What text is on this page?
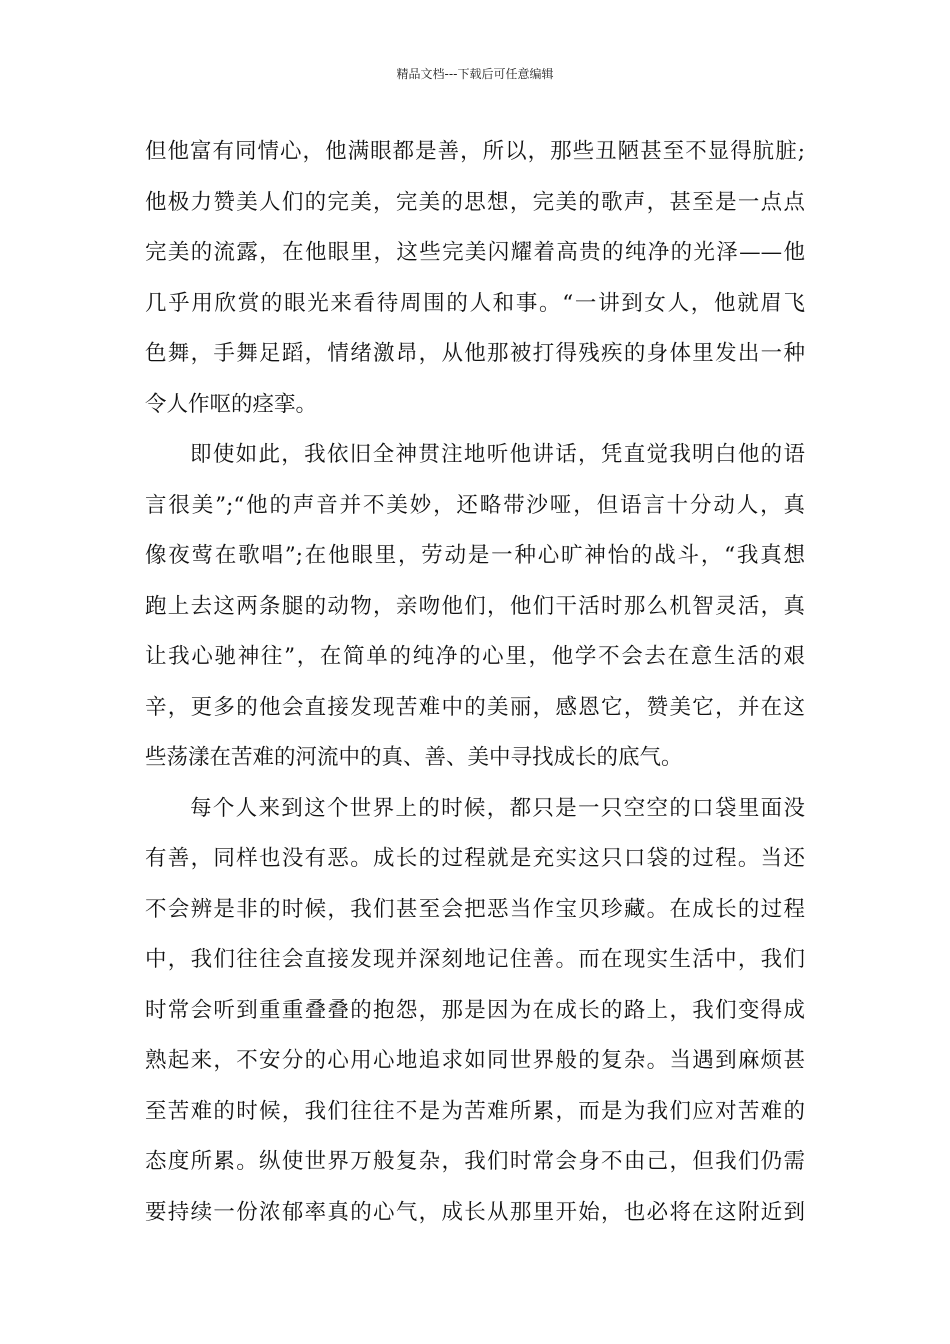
精品文档---下载后可任意编辑
但他富有同情心，他满眼都是善，所以，那些丑陋甚至不显得肮脏;
他极力赞美人们的完美，完美的思想，完美的歌声，甚至是一点点
完美的流露，在他眼里，这些完美闪耀着高贵的纯净的光泽——他
几乎用欣赏的眼光来看待周围的人和事。“一讲到女人，他就眉飞
色舞，手舞足蹈，情绪激昂，从他那被打得残疾的身体里发出一种
令人作呕的痉挛。
即使如此，我依旧全神贯注地听他讲话，凭直觉我明白他的语
言很美”;“他的声音并不美妙，还略带沙哑，但语言十分动人，真
像夜莺在歌唱”;在他眼里，劳动是一种心旷神怡的战斗，“我真想
跑上去这两条腿的动物，亲吻他们，他们干活时那么机智灵活，真
让我心驰神往”，在简单的纯净的心里，他学不会去在意生活的艰
辛，更多的他会直接发现苦难中的美丽，感恩它，赞美它，并在这
些荡漾在苦难的河流中的真、善、美中寻找成长的底气。
每个人来到这个世界上的时候，都只是一只空空的口袋里面没
有善，同样也没有恶。成长的过程就是充实这只口袋的过程。当还
不会辨是非的时候，我们甚至会把恶当作宝贝珍藏。在成长的过程
中，我们往往会直接发现并深刻地记住善。而在现实生活中，我们
时常会听到重重叠叠的抱怨，那是因为在成长的路上，我们变得成
熟起来，不安分的心用心地追求如同世界般的复杂。当遇到麻烦甚
至苦难的时候，我们往往不是为苦难所累，而是为我们应对苦难的
态度所累。纵使世界万般复杂，我们时常会身不由己，但我们仍需
要持续一份浓郁率真的心气，成长从那里开始，也必将在这附近到
